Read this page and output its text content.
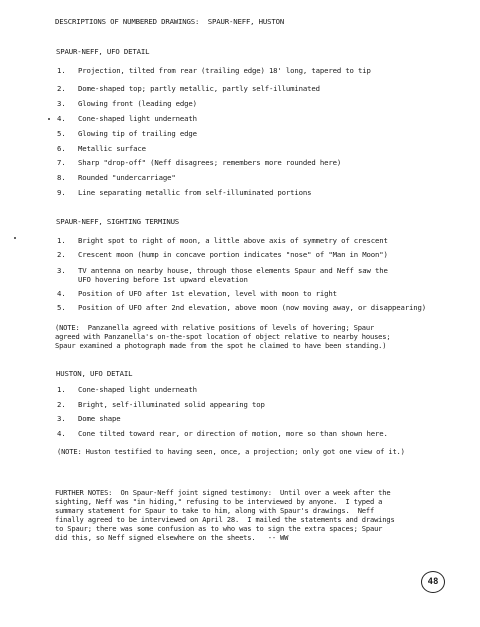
DESCRIPTIONS OF NUMBERED DRAWINGS:  SPAUR-NEFF, HUSTON
SPAUR-NEFF, UFO DETAIL
1. Projection, tilted from rear (trailing edge) 18' long, tapered to tip
2. Dome-shaped top; partly metallic, partly self-illuminated
3. Glowing front (leading edge)
4. Cone-shaped light underneath
5. Glowing tip of trailing edge
6. Metallic surface
7. Sharp "drop-off" (Neff disagrees; remembers more rounded here)
8. Rounded "undercarriage"
9. Line separating metallic from self-illuminated portions
SPAUR-NEFF, SIGHTING TERMINUS
1. Bright spot to right of moon, a little above axis of symmetry of crescent
2. Crescent moon (hump in concave portion indicates "nose" of "Man in Moon")
3. TV antenna on nearby house, through those elements Spaur and Neff saw the
UFO hovering before 1st upward elevation
4. Position of UFO after 1st elevation, level with moon to right
5. Position of UFO after 2nd elevation, above moon (now moving away, or disappearing)
(NOTE:  Panzanella agreed with relative positions of levels of hovering; Spaur
agreed with Panzanella's on-the-spot location of object relative to nearby houses;
Spaur examined a photograph made from the spot he claimed to have been standing.)
HUSTON, UFO DETAIL
1. Cone-shaped light underneath
2. Bright, self-illuminated solid appearing top
3. Dome shape
4. Cone tilted toward rear, or direction of motion, more so than shown here.
(NOTE: Huston testified to having seen, once, a projection; only got one view of it.)
FURTHER NOTES:  On Spaur-Neff joint signed testimony:  Until over a week after the
sighting, Neff was "in hiding," refusing to be interviewed by anyone.  I typed a
summary statement for Spaur to take to him, along with Spaur's drawings.  Neff
finally agreed to be interviewed on April 28.  I mailed the statements and drawings
to Spaur; there was some confusion as to who was to sign the extra spaces; Spaur
did this, so Neff signed elsewhere on the sheets.   -- WW
48
